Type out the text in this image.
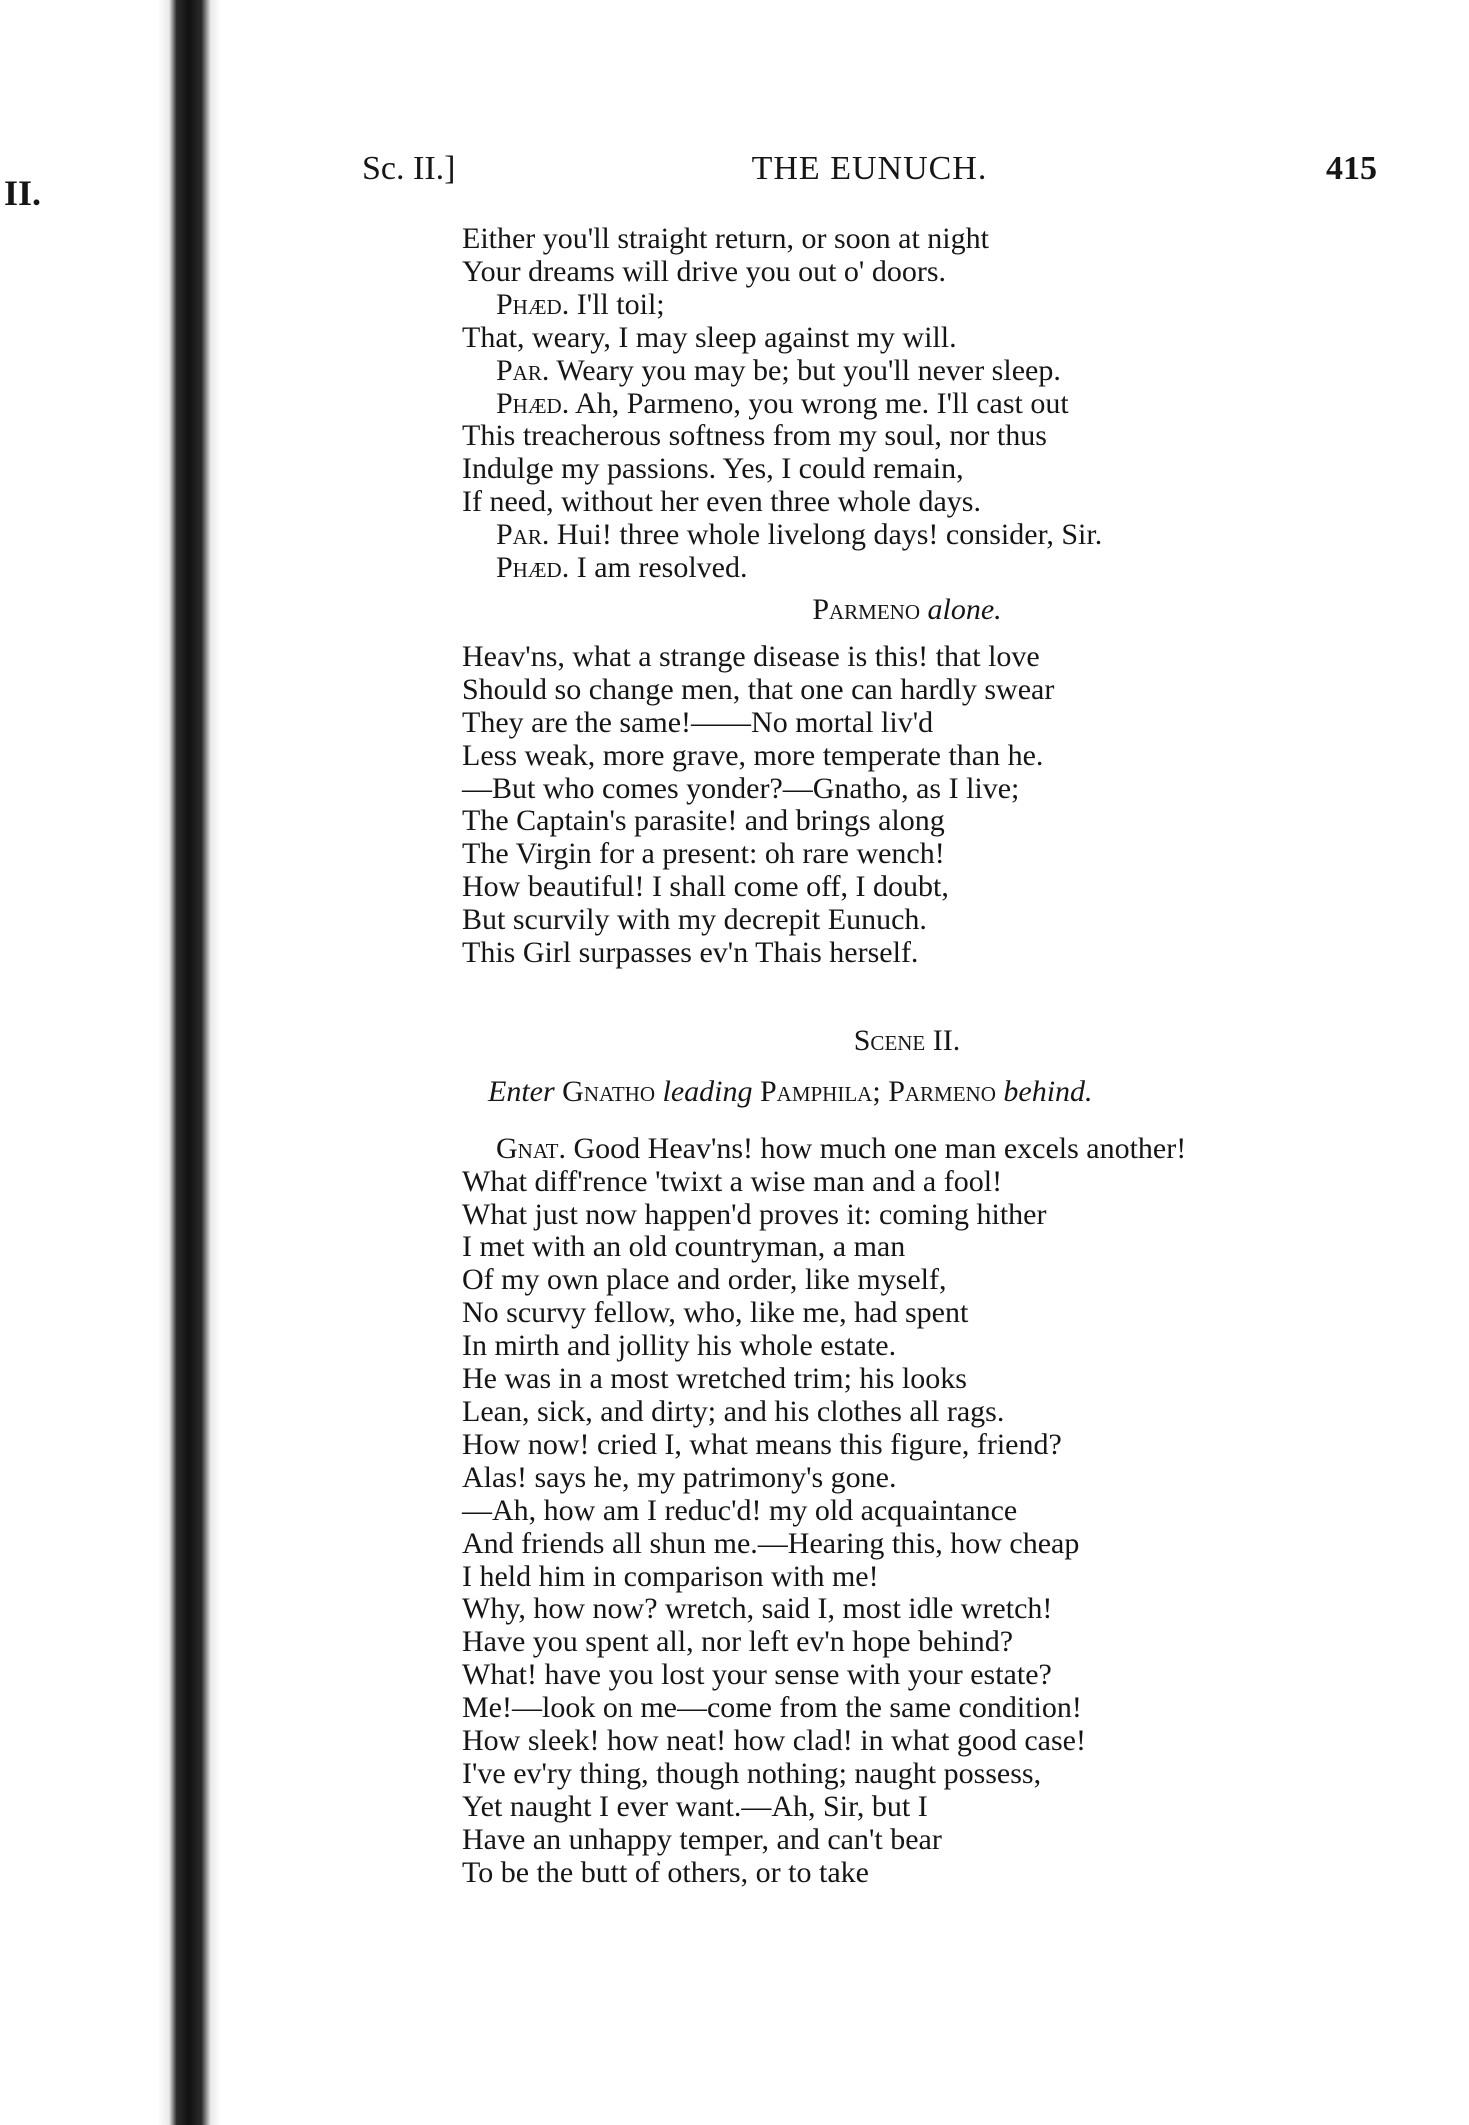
II.
Sc. II.]	THE EUNUCH.	415
Either you'll straight return, or soon at night
Your dreams will drive you out o' doors.
Phæd. I'll toil;
That, weary, I may sleep against my will.
Par. Weary you may be; but you'll never sleep.
Phæd. Ah, Parmeno, you wrong me. I'll cast out
This treacherous softness from my soul, nor thus
Indulge my passions. Yes, I could remain,
If need, without her even three whole days.
Par. Hui! three whole livelong days! consider, Sir.
Phæd. I am resolved.
Parmeno alone.
Heav'ns, what a strange disease is this! that love
Should so change men, that one can hardly swear
They are the same!——No mortal liv'd
Less weak, more grave, more temperate than he.
—But who comes yonder?—Gnatho, as I live;
The Captain's parasite! and brings along
The Virgin for a present: oh rare wench!
How beautiful! I shall come off, I doubt,
But scurvily with my decrepit Eunuch.
This Girl surpasses ev'n Thais herself.
Scene II.
Enter Gnatho leading Pamphila; Parmeno behind.
Gnat. Good Heav'ns! how much one man excels another!
What diff'rence 'twixt a wise man and a fool!
What just now happen'd proves it: coming hither
I met with an old countryman, a man
Of my own place and order, like myself,
No scurvy fellow, who, like me, had spent
In mirth and jollity his whole estate.
He was in a most wretched trim; his looks
Lean, sick, and dirty; and his clothes all rags.
How now! cried I, what means this figure, friend?
Alas! says he, my patrimony's gone.
—Ah, how am I reduc'd! my old acquaintance
And friends all shun me.—Hearing this, how cheap
I held him in comparison with me!
Why, how now? wretch, said I, most idle wretch!
Have you spent all, nor left ev'n hope behind?
What! have you lost your sense with your estate?
Me!—look on me—come from the same condition!
How sleek! how neat! how clad! in what good case!
I've ev'ry thing, though nothing; naught possess,
Yet naught I ever want.—Ah, Sir, but I
Have an unhappy temper, and can't bear
To be the butt of others, or to take
